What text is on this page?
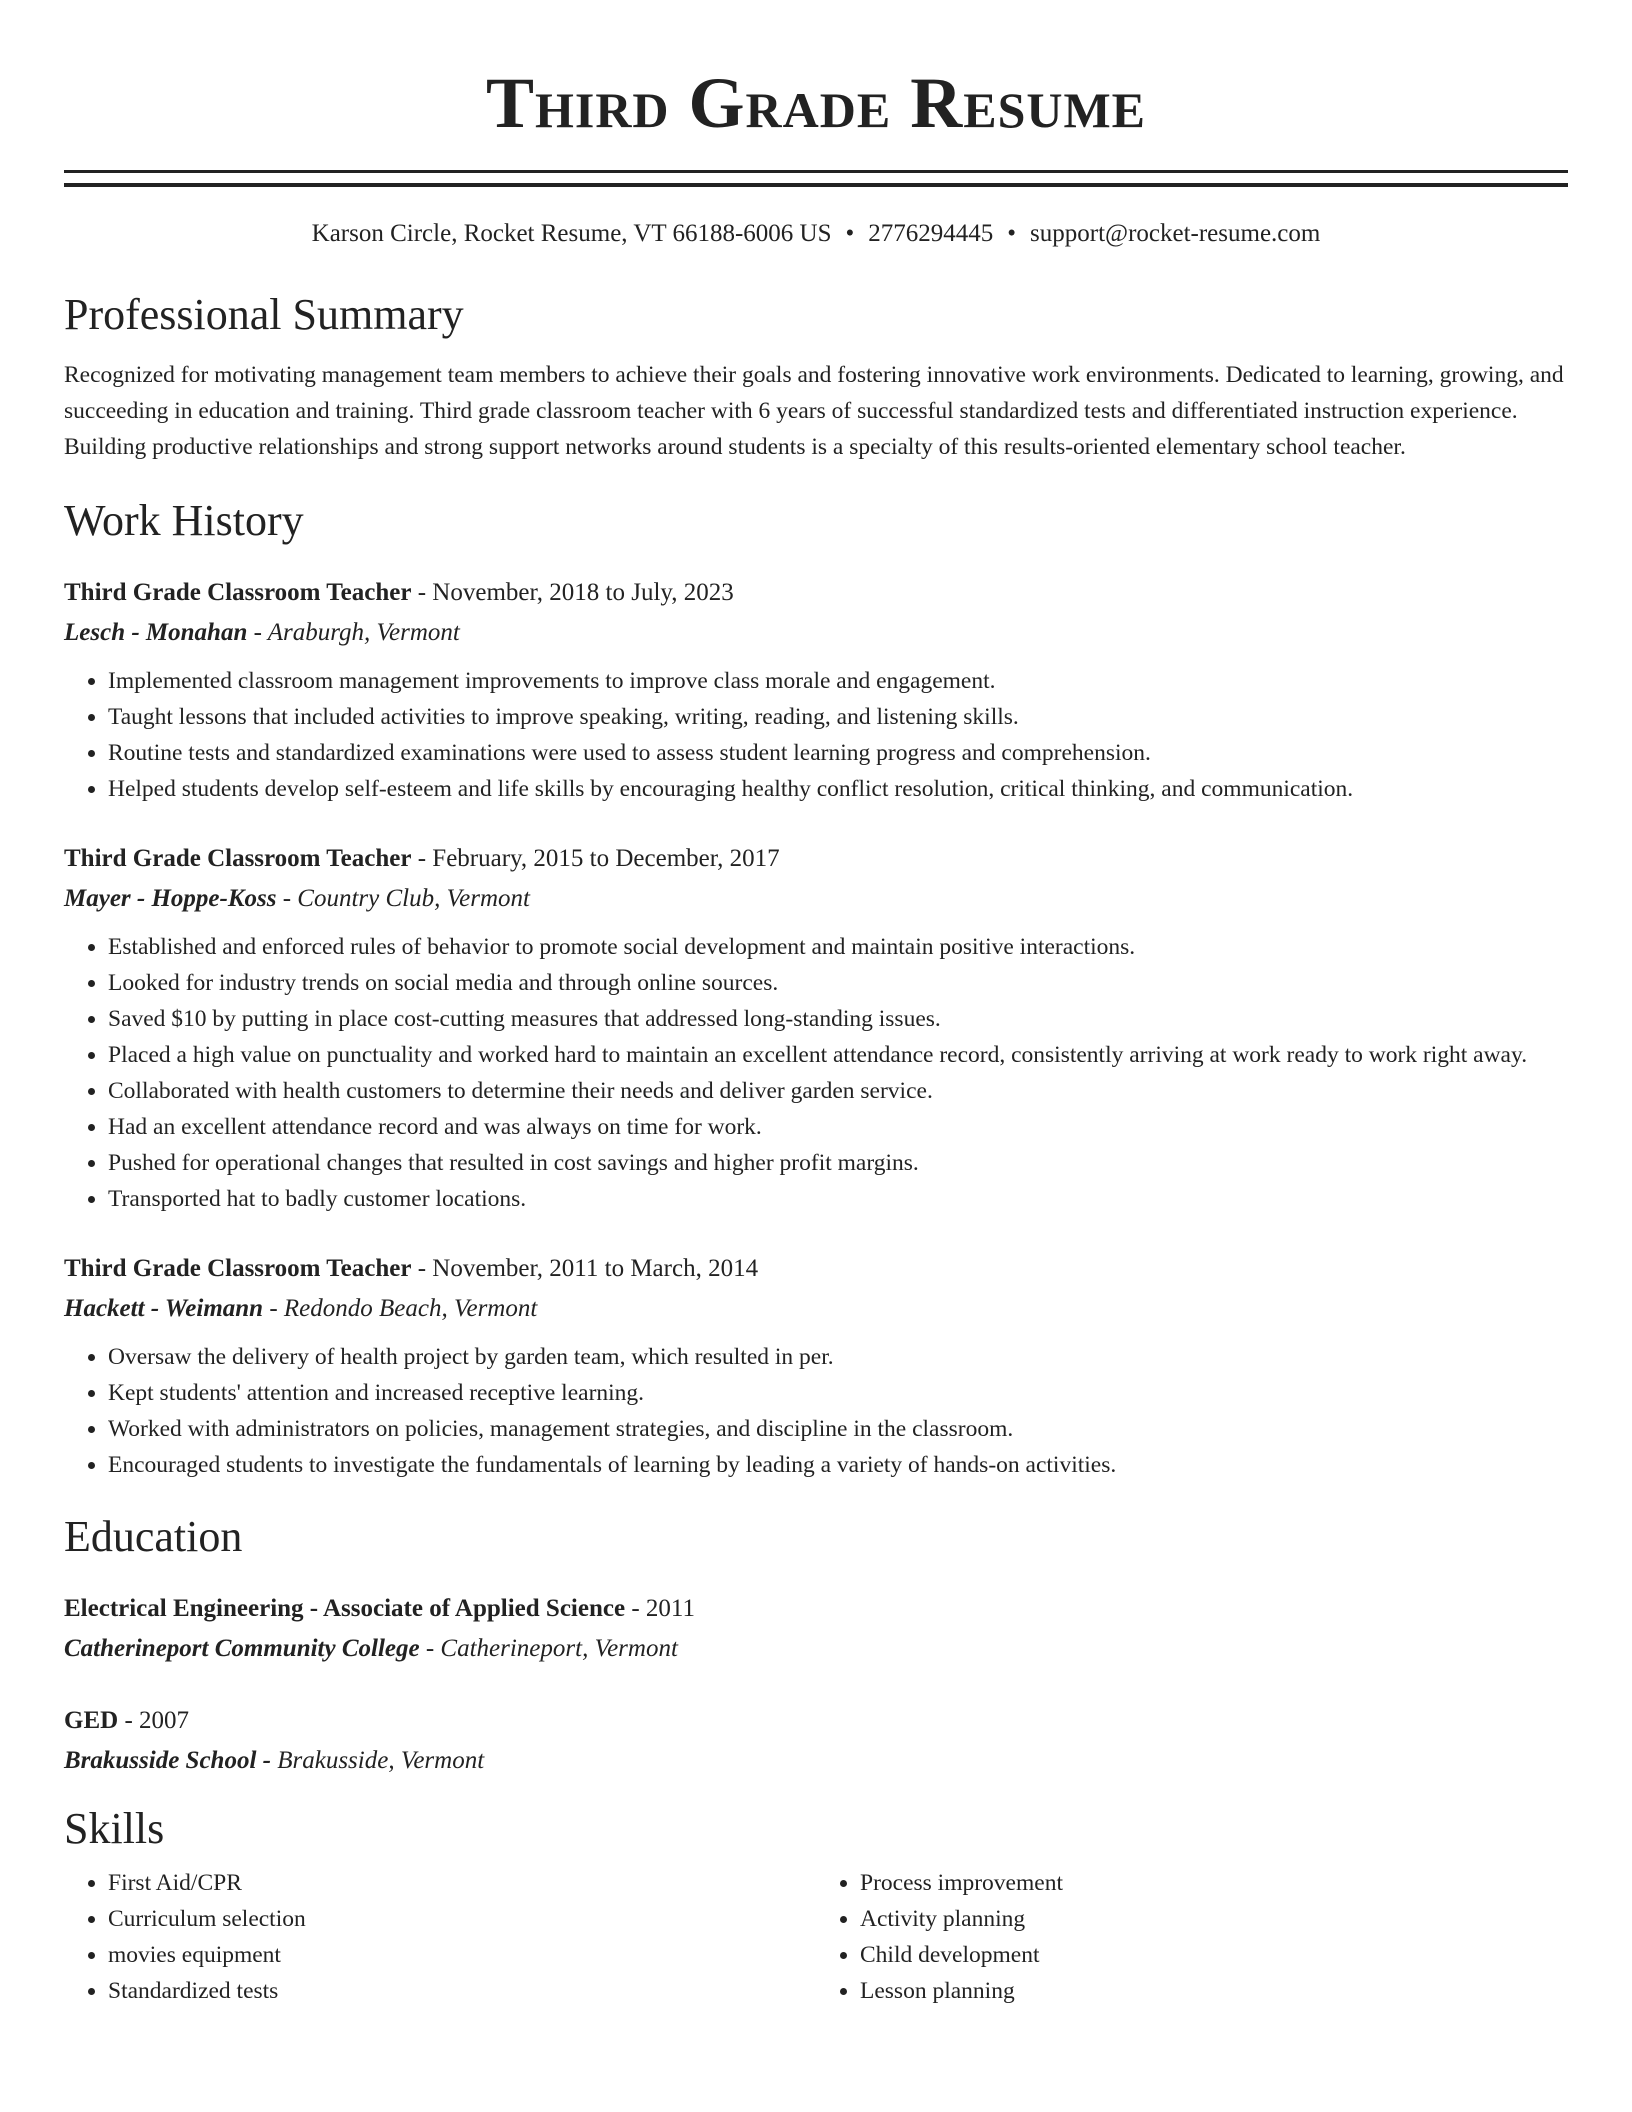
Third Grade Resume
Karson Circle, Rocket Resume, VT 66188-6006 US • 2776294445 • support@rocket-resume.com
Professional Summary

Recognized for motivating management team members to achieve their goals and fostering innovative work environments. Dedicated to learning, growing, and succeeding in education and training. Third grade classroom teacher with 6 years of successful standardized tests and differentiated instruction experience. Building productive relationships and strong support networks around students is a specialty of this results-oriented elementary school teacher.

Work History
Third Grade Classroom Teacher - November, 2018 to July, 2023
Lesch - Monahan - Araburgh, Vermont
• Implemented classroom management improvements to improve class morale and engagement.
• Taught lessons that included activities to improve speaking, writing, reading, and listening skills.
• Routine tests and standardized examinations were used to assess student learning progress and comprehension.
• Helped students develop self-esteem and life skills by encouraging healthy conflict resolution, critical thinking, and communication.
Third Grade Classroom Teacher - February, 2015 to December, 2017
Mayer - Hoppe-Koss - Country Club, Vermont
• Established and enforced rules of behavior to promote social development and maintain positive interactions.
• Looked for industry trends on social media and through online sources.
• Saved $10 by putting in place cost-cutting measures that addressed long-standing issues.
• Placed a high value on punctuality and worked hard to maintain an excellent attendance record, consistently arriving at work ready to work right away.
• Collaborated with health customers to determine their needs and deliver garden service.
• Had an excellent attendance record and was always on time for work.
• Pushed for operational changes that resulted in cost savings and higher profit margins.
• Transported hat to badly customer locations.
Third Grade Classroom Teacher - November, 2011 to March, 2014
Hackett - Weimann - Redondo Beach, Vermont
• Oversaw the delivery of health project by garden team, which resulted in per.
• Kept students' attention and increased receptive learning.
• Worked with administrators on policies, management strategies, and discipline in the classroom.
• Encouraged students to investigate the fundamentals of learning by leading a variety of hands-on activities.
Education
Electrical Engineering - Associate of Applied Science - 2011
Catherineport Community College - Catherineport, Vermont
GED - 2007
Brakusside School - Brakusside, Vermont
Skills
• First Aid/CPR
• Curriculum selection
• movies equipment
• Standardized tests
• Process improvement
• Activity planning
• Child development
• Lesson planning
